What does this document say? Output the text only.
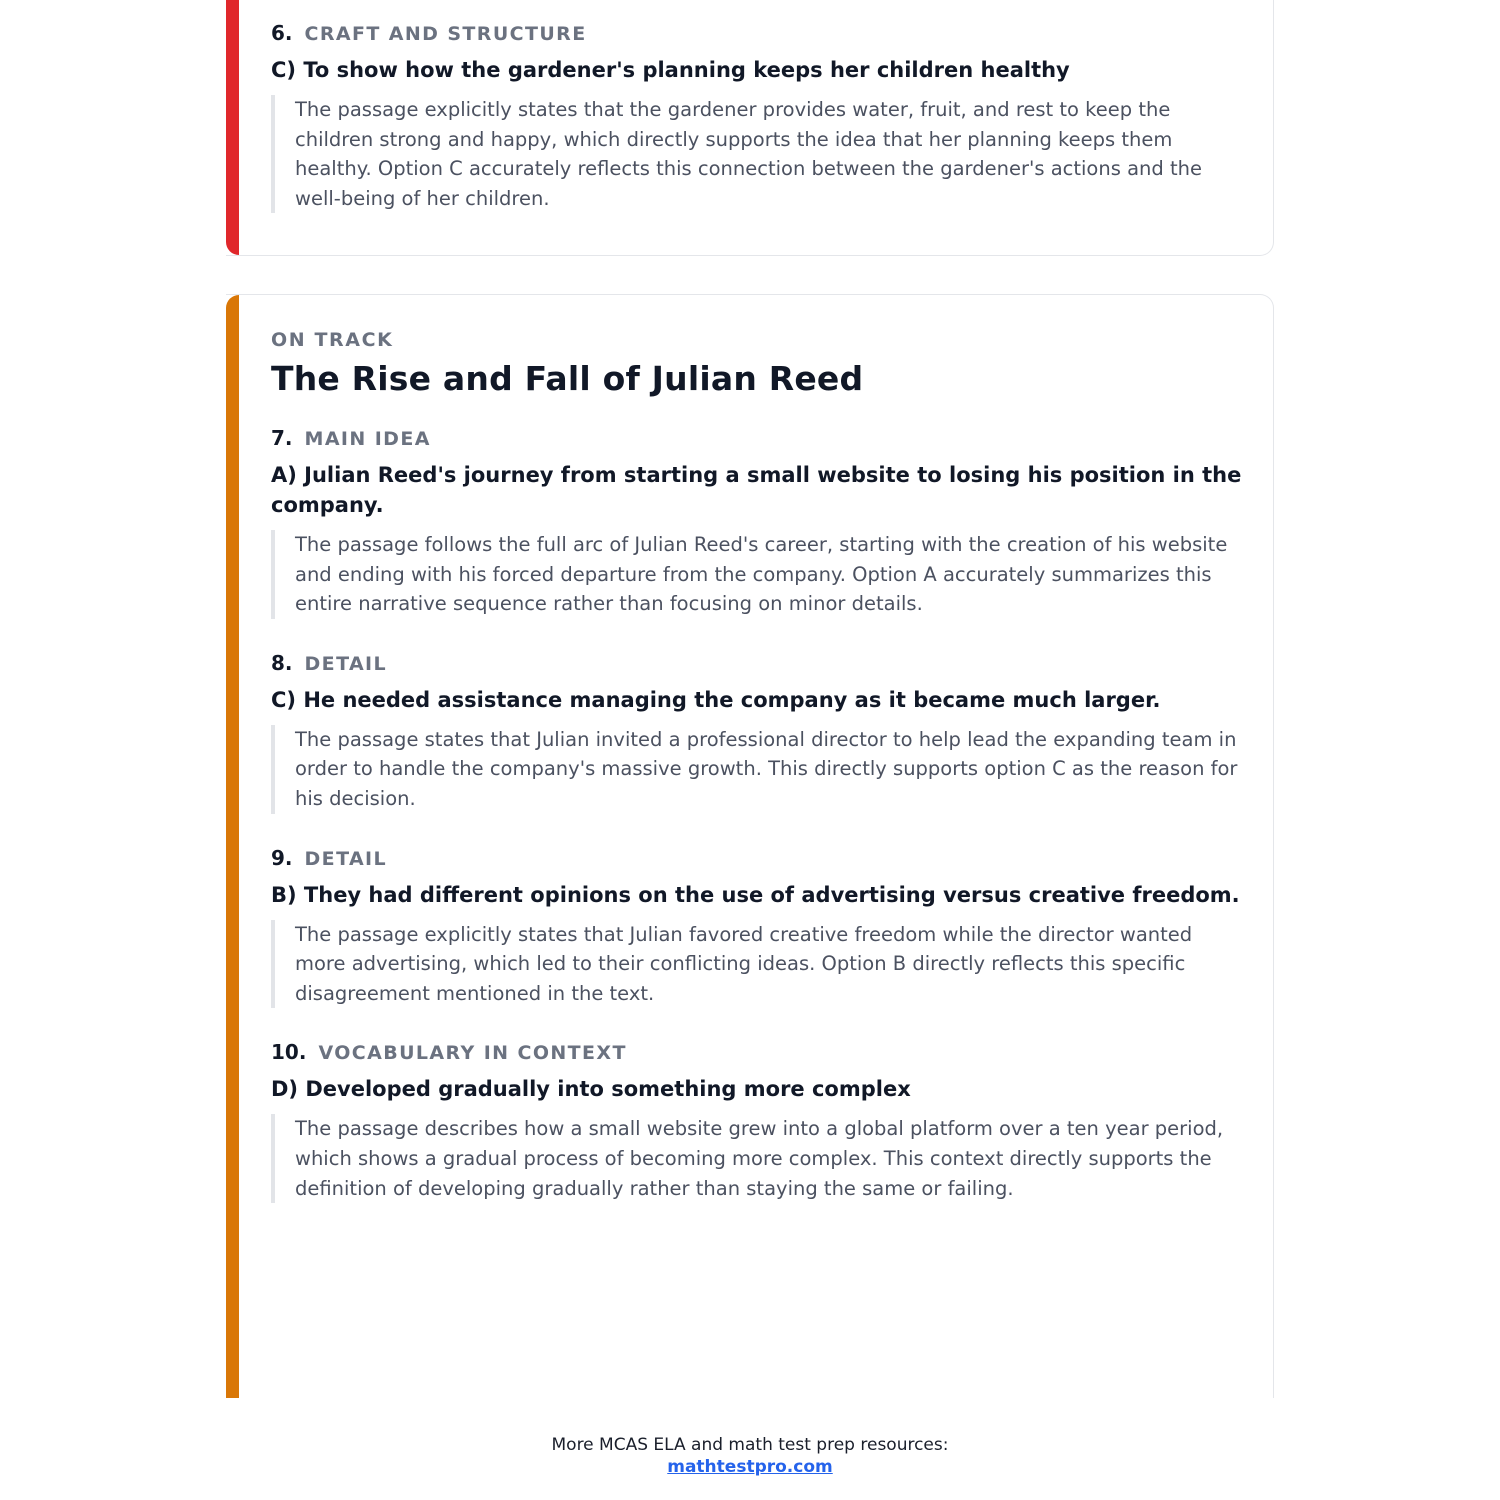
6. CRAFT AND STRUCTURE
C) To show how the gardener's planning keeps her children healthy
The passage explicitly states that the gardener provides water, fruit, and rest to keep the children strong and happy, which directly supports the idea that her planning keeps them healthy. Option C accurately reflects this connection between the gardener's actions and the well-being of her children.
ON TRACK
The Rise and Fall of Julian Reed
7. MAIN IDEA
A) Julian Reed's journey from starting a small website to losing his position in the company.
The passage follows the full arc of Julian Reed's career, starting with the creation of his website and ending with his forced departure from the company. Option A accurately summarizes this entire narrative sequence rather than focusing on minor details.
8. DETAIL
C) He needed assistance managing the company as it became much larger.
The passage states that Julian invited a professional director to help lead the expanding team in order to handle the company's massive growth. This directly supports option C as the reason for his decision.
9. DETAIL
B) They had different opinions on the use of advertising versus creative freedom.
The passage explicitly states that Julian favored creative freedom while the director wanted more advertising, which led to their conflicting ideas. Option B directly reflects this specific disagreement mentioned in the text.
10. VOCABULARY IN CONTEXT
D) Developed gradually into something more complex
The passage describes how a small website grew into a global platform over a ten year period, which shows a gradual process of becoming more complex. This context directly supports the definition of developing gradually rather than staying the same or failing.
More MCAS ELA and math test prep resources:
mathtestpro.com
